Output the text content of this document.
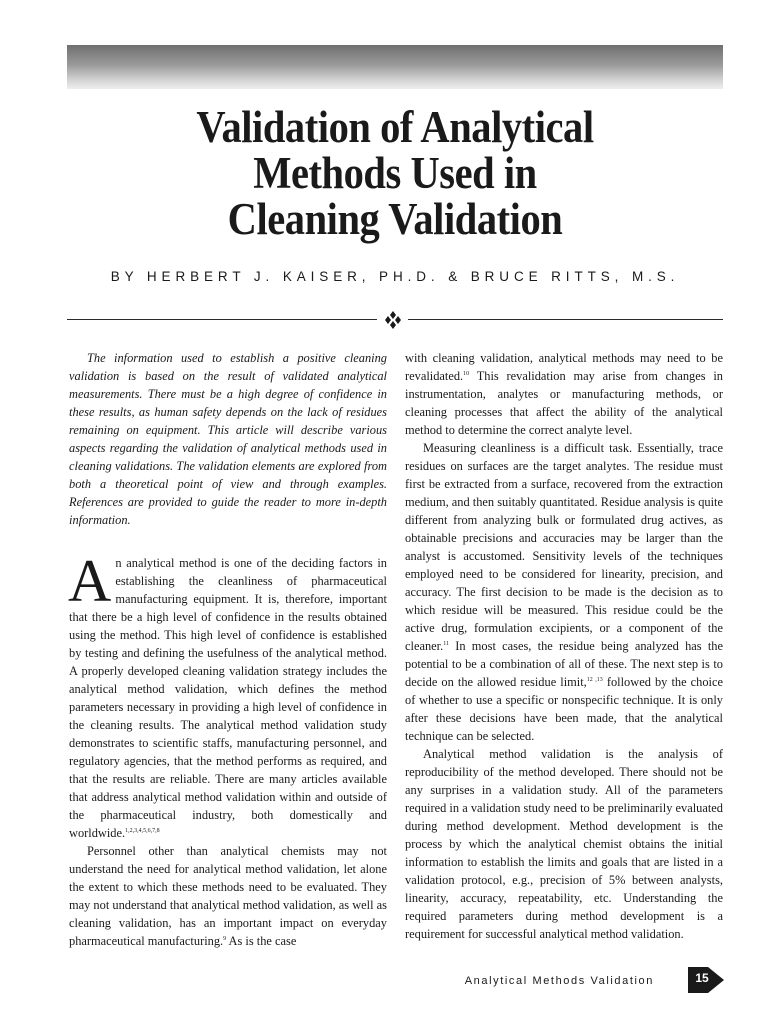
Validation of Analytical
Methods Used in
Cleaning Validation
BY HERBERT J. KAISER, PH.D. & BRUCE RITTS, M.S.

The information used to establish a positive cleaning validation is based on the result of validated analytical measurements. There must be a high degree of confidence in these results, as human safety depends on the lack of residues remaining on equipment. This article will describe various aspects regarding the validation of analytical methods used in cleaning validations. The validation elements are explored from both a theoretical point of view and through examples. References are provided to guide the reader to more in-depth information.

An analytical method is one of the deciding factors in establishing the cleanliness of pharmaceutical manufacturing equipment. It is, therefore, important that there be a high level of confidence in the results obtained using the method. This high level of confidence is established by testing and defining the usefulness of the analytical method. A properly developed cleaning validation strategy includes the analytical method validation, which defines the method parameters necessary in providing a high level of confidence in the cleaning results. The analytical method validation study demonstrates to scientific staffs, manufacturing personnel, and regulatory agencies, that the method performs as required, and that the results are reliable. There are many articles available that address analytical method validation within and outside of the pharmaceutical industry, both domestically and worldwide.$^{1,2,3,4,5,6,7,8}$

Personnel other than analytical chemists may not understand the need for analytical method validation, let alone the extent to which these methods need to be evaluated. They may not understand that analytical method validation, as well as cleaning validation, has an important impact on everyday pharmaceutical manufacturing.$^9$ As is the case

with cleaning validation, analytical methods may need to be revalidated.$^{10}$ This revalidation may arise from changes in instrumentation, analytes or manufacturing methods, or cleaning processes that affect the ability of the analytical method to determine the correct analyte level.

Measuring cleanliness is a difficult task. Essentially, trace residues on surfaces are the target analytes. The residue must first be extracted from a surface, recovered from the extraction medium, and then suitably quantitated. Residue analysis is quite different from analyzing bulk or formulated drug actives, as obtainable precisions and accuracies may be larger than the analyst is accustomed. Sensitivity levels of the techniques employed need to be considered for linearity, precision, and accuracy. The first decision to be made is the decision as to which residue will be measured. This residue could be the active drug, formulation excipients, or a component of the cleaner.$^{11}$ In most cases, the residue being analyzed has the potential to be a combination of all of these. The next step is to decide on the allowed residue limit,$^{12 ,13}$ followed by the choice of whether to use a specific or nonspecific technique. It is only after these decisions have been made, that the analytical technique can be selected.

Analytical method validation is the analysis of reproducibility of the method developed. There should not be any surprises in a validation study. All of the parameters required in a validation study need to be preliminarily evaluated during method development. Method development is the process by which the analytical chemist obtains the initial information to establish the limits and goals that are listed in a validation protocol, e.g., precision of 5% between analysts, linearity, accuracy, repeatability, etc. Understanding the required parameters during method development is a requirement for successful analytical method validation.

Analytical Methods Validation	15
